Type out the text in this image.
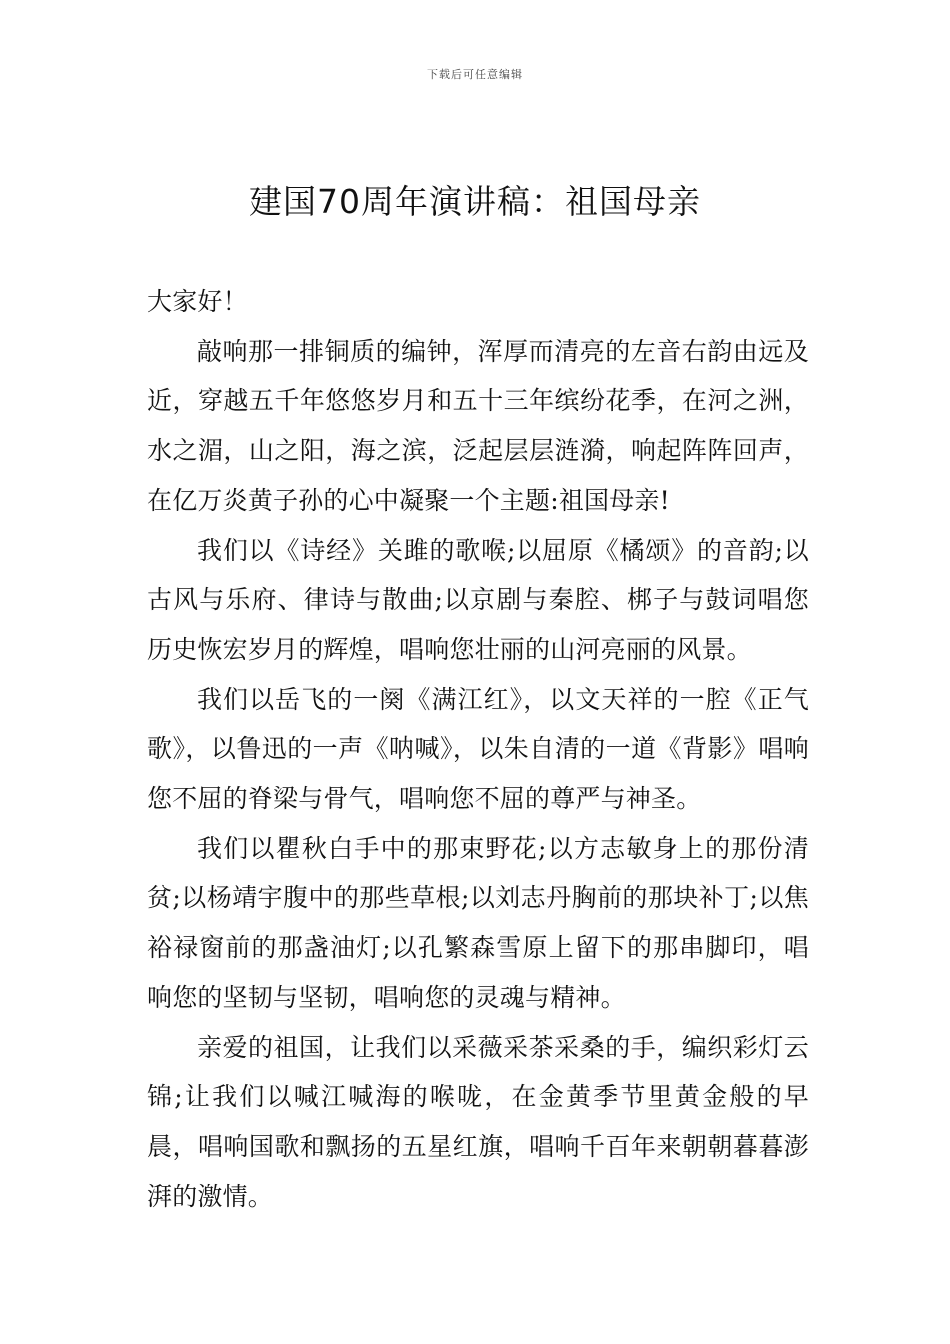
下载后可任意编辑
建国70周年演讲稿：祖国母亲

大家好！

敲响那一排铜质的编钟，浑厚而清亮的左音右韵由远及近，穿越五千年悠悠岁月和五十三年缤纷花季，在河之洲，水之湄，山之阳，海之滨，泛起层层涟漪，响起阵阵回声，在亿万炎黄子孙的心中凝聚一个主题:祖国母亲!

我们以《诗经》关雎的歌喉;以屈原《橘颂》的音韵;以古风与乐府、律诗与散曲;以京剧与秦腔、梆子与鼓词唱您历史恢宏岁月的辉煌，唱响您壮丽的山河亮丽的风景。

我们以岳飞的一阕《满江红》，以文天祥的一腔《正气歌》，以鲁迅的一声《呐喊》，以朱自清的一道《背影》唱响您不屈的脊梁与骨气，唱响您不屈的尊严与神圣。

我们以瞿秋白手中的那束野花;以方志敏身上的那份清贫;以杨靖宇腹中的那些草根;以刘志丹胸前的那块补丁;以焦裕禄窗前的那盏油灯;以孔繁森雪原上留下的那串脚印，唱响您的坚韧与坚韧，唱响您的灵魂与精神。

亲爱的祖国，让我们以采薇采茶采桑的手，编织彩灯云锦;让我们以喊江喊海的喉咙，在金黄季节里黄金般的早晨，唱响国歌和飘扬的五星红旗，唱响千百年来朝朝暮暮澎湃的激情。
